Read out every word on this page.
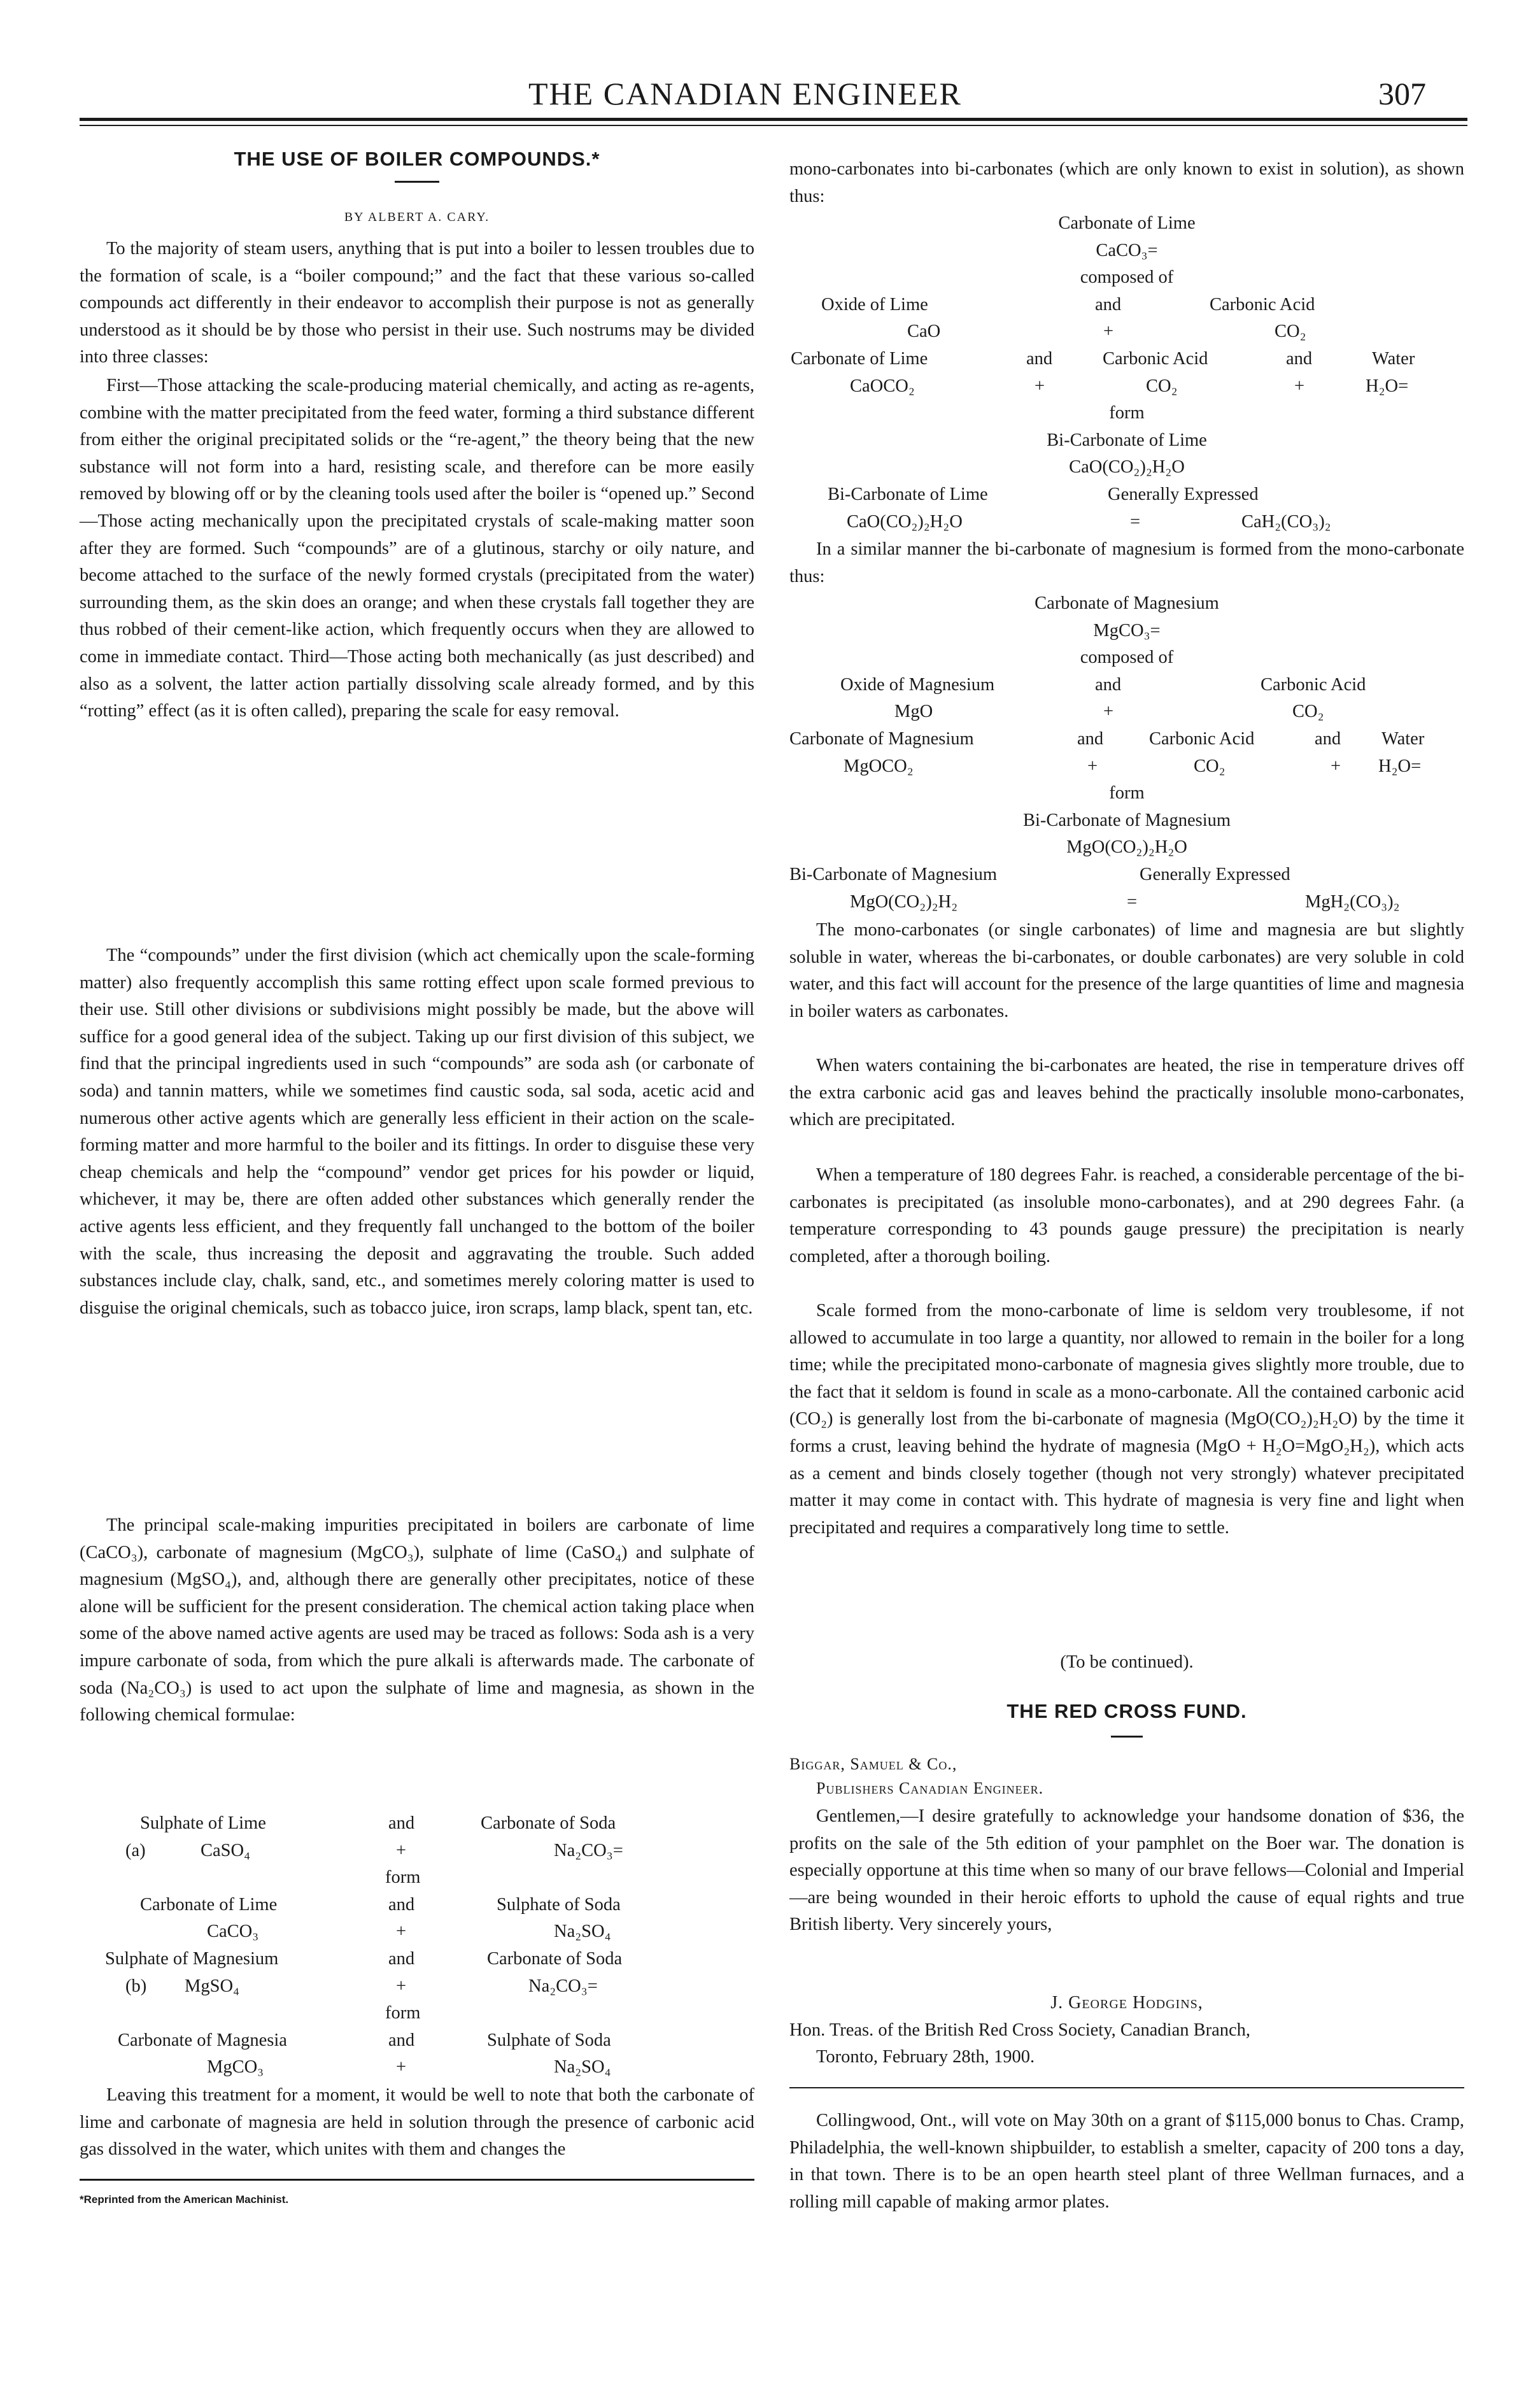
THE CANADIAN ENGINEER	307
THE USE OF BOILER COMPOUNDS.*
BY ALBERT A. CARY.

To the majority of steam users, anything that is put into a boiler to lessen troubles due to the formation of scale, is a “boiler compound;” and the fact that these various so-called compounds act differently in their endeavor to accomplish their purpose is not as generally understood as it should be by those who persist in their use. Such nostrums may be divided into three classes:

First—Those attacking the scale-producing material chemically, and acting as re-agents, combine with the matter precipitated from the feed water, forming a third substance different from either the original precipitated solids or the “re-agent,” the theory being that the new substance will not form into a hard, resisting scale, and therefore can be more easily removed by blowing off or by the cleaning tools used after the boiler is “opened up.” Second—Those acting mechanically upon the precipitated crystals of scale-making matter soon after they are formed. Such “compounds” are of a glutinous, starchy or oily nature, and become attached to the surface of the newly formed crystals (precipitated from the water) surrounding them, as the skin does an orange; and when these crystals fall together they are thus robbed of their cement-like action, which frequently occurs when they are allowed to come in immediate contact. Third—Those acting both mechanically (as just described) and also as a solvent, the latter action partially dissolving scale already formed, and by this “rotting” effect (as it is often called), preparing the scale for easy removal.

The “compounds” under the first division (which act chemically upon the scale-forming matter) also frequently accomplish this same rotting effect upon scale formed previous to their use. Still other divisions or subdivisions might possibly be made, but the above will suffice for a good general idea of the subject. Taking up our first division of this subject, we find that the principal ingredients used in such “compounds” are soda ash (or carbonate of soda) and tannin matters, while we sometimes find caustic soda, sal soda, acetic acid and numerous other active agents which are generally less efficient in their action on the scale-forming matter and more harmful to the boiler and its fittings. In order to disguise these very cheap chemicals and help the “compound” vendor get prices for his powder or liquid, whichever, it may be, there are often added other substances which generally render the active agents less efficient, and they frequently fall unchanged to the bottom of the boiler with the scale, thus increasing the deposit and aggravating the trouble. Such added substances include clay, chalk, sand, etc., and sometimes merely coloring matter is used to disguise the original chemicals, such as tobacco juice, iron scraps, lamp black, spent tan, etc.

The principal scale-making impurities precipitated in boilers are carbonate of lime (CaCO₃), carbonate of magnesium (MgCO₃), sulphate of lime (CaSO₄) and sulphate of magnesium (MgSO₄), and, although there are generally other precipitates, notice of these alone will be sufficient for the present consideration. The chemical action taking place when some of the above named active agents are used may be traced as follows: Soda ash is a very impure carbonate of soda, from which the pure alkali is afterwards made. The carbonate of soda (Na₂CO₃) is used to act upon the sulphate of lime and magnesia, as shown in the following chemical formulae:

Sulphate of Lime	and	Carbonate of Soda
(a)	CaSO₄	+	Na₂CO₃=
form
Carbonate of Lime	and	Sulphate of Soda
CaCO₃	+	Na₂SO₄
Sulphate of Magnesium	and	Carbonate of Soda
(b) MgSO₄	+	Na₂CO₃=
form
Carbonate of Magnesia	and	Sulphate of Soda
MgCO₃	+	Na₂SO₄

Leaving this treatment for a moment, it would be well to note that both the carbonate of lime and carbonate of magnesia are held in solution through the presence of carbonic acid gas dissolved in the water, which unites with them and changes the

*Reprinted from the American Machinist.

mono-carbonates into bi-carbonates (which are only known to exist in solution), as shown thus:

Carbonate of Lime
CaCO₃=
composed of
Oxide of Lime	and	Carbonic Acid
CaO	+	CO₂
Carbonate of Lime	and	Carbonic Acid	and	Water
CaOCO₂	+	CO₂	+	H₂O=
form
Bi-Carbonate of Lime
CaO(CO₂)₂H₂O
Bi-Carbonate of Lime	Generally Expressed
CaO(CO₂)₂H₂O	=	CaH₂(CO₃)₂

In a similar manner the bi-carbonate of magnesium is formed from the mono-carbonate thus:

Carbonate of Magnesium
MgCO₃=
composed of
Oxide of Magnesium	and	Carbonic Acid
MgO	+	CO₂
Carbonate of Magnesium	and	Carbonic Acid	and Water
MgOCO₂	+	CO₂	+ H₂O=
form
Bi-Carbonate of Magnesium
MgO(CO₂)₂H₂O
Bi-Carbonate of Magnesium	Generally Expressed
MgO(CO₂)₂H₂	=	MgH₂(CO₃)₂

The mono-carbonates (or single carbonates) of lime and magnesia are but slightly soluble in water, whereas the bi-carbonates, or double carbonates) are very soluble in cold water, and this fact will account for the presence of the large quantities of lime and magnesia in boiler waters as carbonates.

When waters containing the bi-carbonates are heated, the rise in temperature drives off the extra carbonic acid gas and leaves behind the practically insoluble mono-carbonates, which are precipitated.

When a temperature of 180 degrees Fahr. is reached, a considerable percentage of the bi-carbonates is precipitated (as insoluble mono-carbonates), and at 290 degrees Fahr. (a temperature corresponding to 43 pounds gauge pressure) the precipitation is nearly completed, after a thorough boiling.

Scale formed from the mono-carbonate of lime is seldom very troublesome, if not allowed to accumulate in too large a quantity, nor allowed to remain in the boiler for a long time; while the precipitated mono-carbonate of magnesia gives slightly more trouble, due to the fact that it seldom is found in scale as a mono-carbonate. All the contained carbonic acid (CO₂) is generally lost from the bi-carbonate of magnesia (MgO(CO₂)₂H₂O) by the time it forms a crust, leaving behind the hydrate of magnesia (MgO + H₂O=MgO₂H₂), which acts as a cement and binds closely together (though not very strongly) whatever precipitated matter it may come in contact with. This hydrate of magnesia is very fine and light when precipitated and requires a comparatively long time to settle.

(To be continued).
THE RED CROSS FUND.
Biggar, Samuel & Co.,
Publishers Canadian Engineer.

Gentlemen,—I desire gratefully to acknowledge your handsome donation of $36, the profits on the sale of the 5th edition of your pamphlet on the Boer war. The donation is especially opportune at this time when so many of our brave fellows—Colonial and Imperial—are being wounded in their heroic efforts to uphold the cause of equal rights and true British liberty. Very sincerely yours,

J. George Hodgins,
Hon. Treas. of the British Red Cross Society, Canadian Branch,
Toronto, February 28th, 1900.

Collingwood, Ont., will vote on May 30th on a grant of $115,000 bonus to Chas. Cramp, Philadelphia, the well-known shipbuilder, to establish a smelter, capacity of 200 tons a day, in that town. There is to be an open hearth steel plant of three Wellman furnaces, and a rolling mill capable of making armor plates.
